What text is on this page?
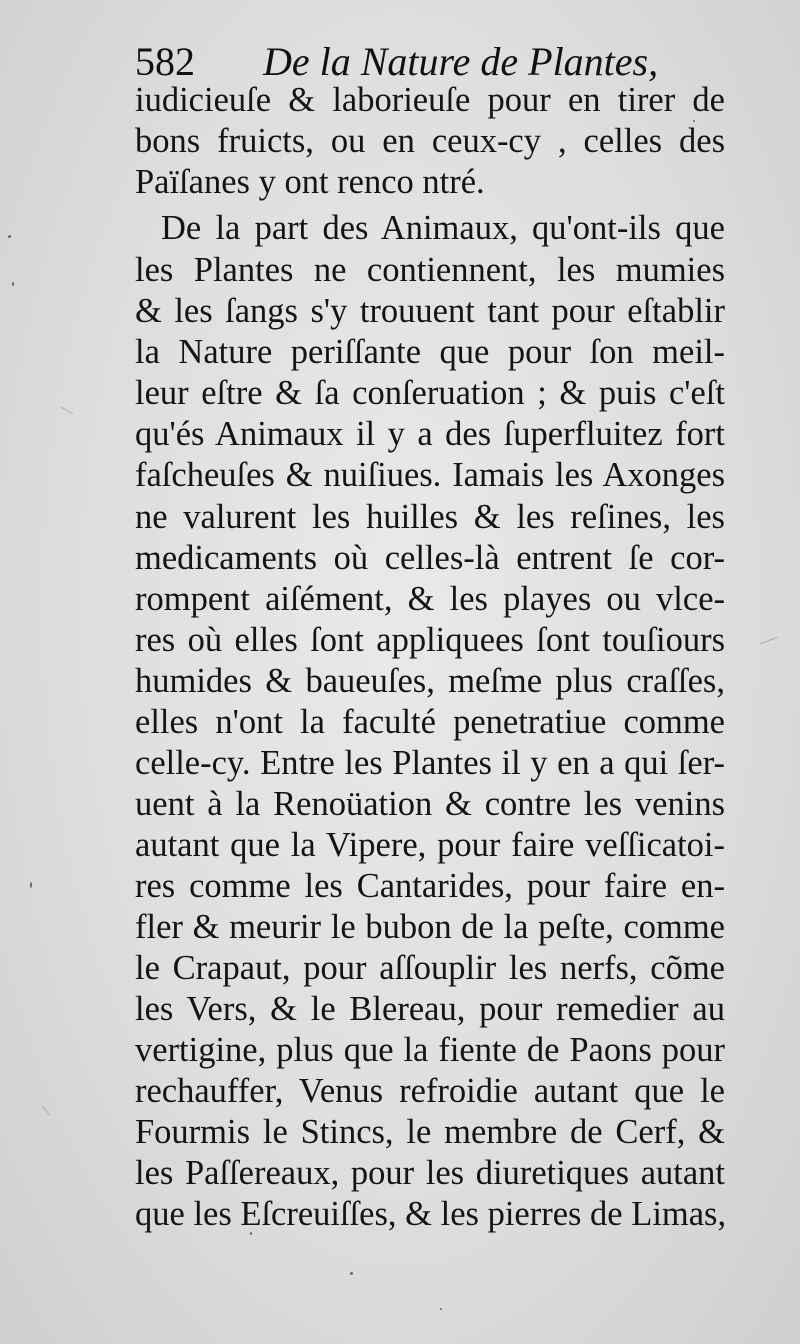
582 De la Nature de Plantes,
iudicieuſe & laborieuſe pour en tirer de
bons fruicts, ou en ceux-cy , celles des
Païſanes y ont renco ntré.
De la part des Animaux, qu'ont-ils que
les Plantes ne contiennent, les mumies
& les ſangs s'y trouuent tant pour eſtablir
la Nature periſſante que pour ſon meil-
leur eſtre & ſa conſeruation ; & puis c'eſt
qu'és Animaux il y a des ſuperfluitez fort
faſcheuſes & nuiſiues. Iamais les Axonges
ne valurent les huilles & les reſines, les
medicaments où celles-là entrent ſe cor-
rompent aiſément, & les playes ou vlce-
res où elles ſont appliquees ſont touſiours
humides & baueuſes, meſme plus craſſes,
elles n'ont la faculté penetratiue comme
celle-cy. Entre les Plantes il y en a qui ſer-
uent à la Renoüation & contre les venins
autant que la Vipere, pour faire veſſicatoi-
res comme les Cantarides, pour faire en-
fler & meurir le bubon de la peſte, comme
le Crapaut, pour aſſouplir les nerfs, cõme
les Vers, & le Blereau, pour remedier au
vertigine, plus que la fiente de Paons pour
rechauffer, Venus refroidie autant que le
Fourmis le Stincs, le membre de Cerf, &
les Paſſereaux, pour les diuretiques autant
que les Eſcreuiſſes, & les pierres de Limas,
